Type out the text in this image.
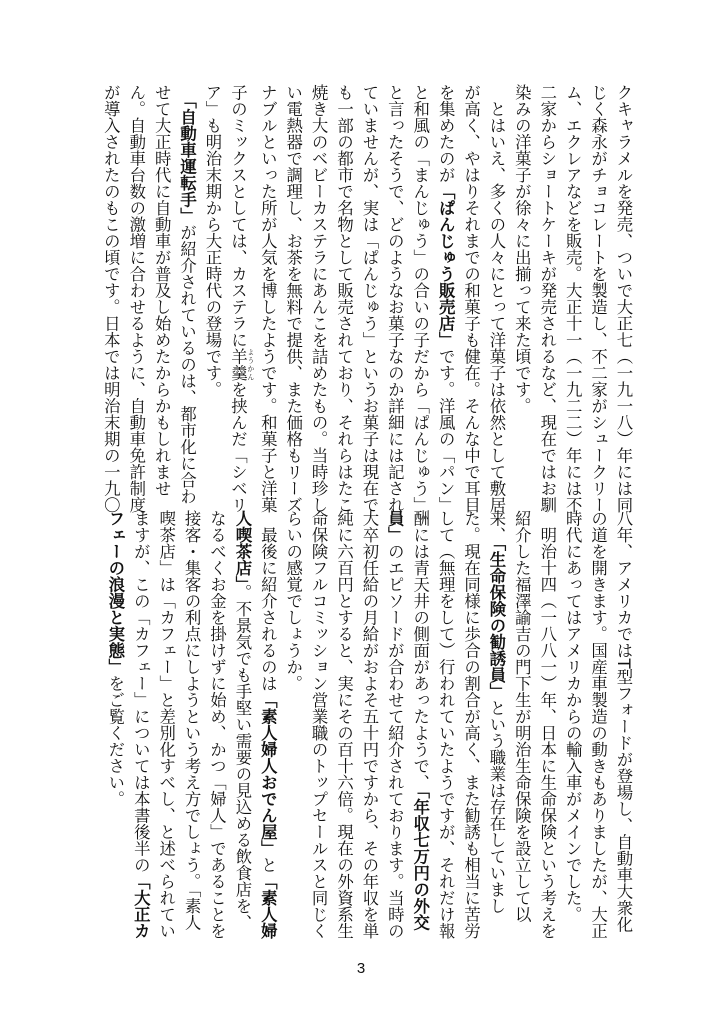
クキャラメルを発売、ついで大正七（一九一八）年には同
じく森永がチョコレートを製造し、不二家がシュークリー
ム、エクレアなどを販売。大正十一（一九二二）年には不
二家からショートケーキが発売されるなど、現在ではお馴
染みの洋菓子が徐々に出揃って来た頃です。
　とはいえ、多くの人々にとって洋菓子は依然として敷居
が高く、やはりそれまでの和菓子も健在。そんな中で耳目
を集めたのが「ぱんじゅう販売店」です。洋風の「パン」
と和風の「まんじゅう」の合いの子だから「ぱんじゅう」
と言ったそうで、どのようなお菓子なのか詳細には記され
ていませんが、実は「ぱんじゅう」というお菓子は現在で
も一部の都市で名物として販売されており、それらはたこ
焼き大のベビーカステラにあんこを詰めたもの。当時珍し
い電熱器で調理し、お茶を無料で提供、また価格もリーズ
ナブルといった所が人気を博したようです。和菓子と洋菓
子のミックスとしては、カステラに羊羹 ようかんを挟んだ「シベリ
ア」も明治末期から大正時代の登場です。
　「自動車運転手」が紹介されているのは、都市化に合わ
せて大正時代に自動車が普及し始めたからかもしれませ
ん。自動車台数の激増に合わせるように、自動車免許制度
が導入されたのもこの頃です。日本では明治末期の一九〇
八年、アメリカではT型フォードが登場し、自動車大衆化
の道を開きます。国産車製造の動きもありましたが、大正
時代にあってはアメリカからの輸入車がメインでした。
　明治十四（一八八一）年、日本に生命保険という考えを
紹介した福澤諭吉の門下生が明治生命保険を設立して以
来、「生命保険の勧誘員」という職業は存在していまし
た。現在同様に歩合の割合が高く、また勧誘も相当に苦労
して（無理をして）行われていたようですが、それだけ報
酬には青天井の側面があったようで、「年収七万円の外交
員」のエピソードが合わせて紹介されております。当時の
大卒初任給の月給がおよそ五十円ですから、その年収を単
純に六百円とすると、実にその百十六倍。現在の外資系生
命保険フルコミッション営業職のトップセールスと同じく
らいの感覚でしょうか。
　最後に紹介されるのは「素人婦人おでん屋」と「素人婦
人喫茶店」。不景気でも手堅い需要の見込める飲食店を、
なるべくお金を掛けずに始め、かつ「婦人」であることを
接客・集客の利点にしようという考え方でしょう。「素人
喫茶店」は「カフェー」と差別化すべし、と述べられてい
ますが、この「カフェー」については本書後半の「大正カ
フェーの浪漫と実態」をご覧ください。
3
